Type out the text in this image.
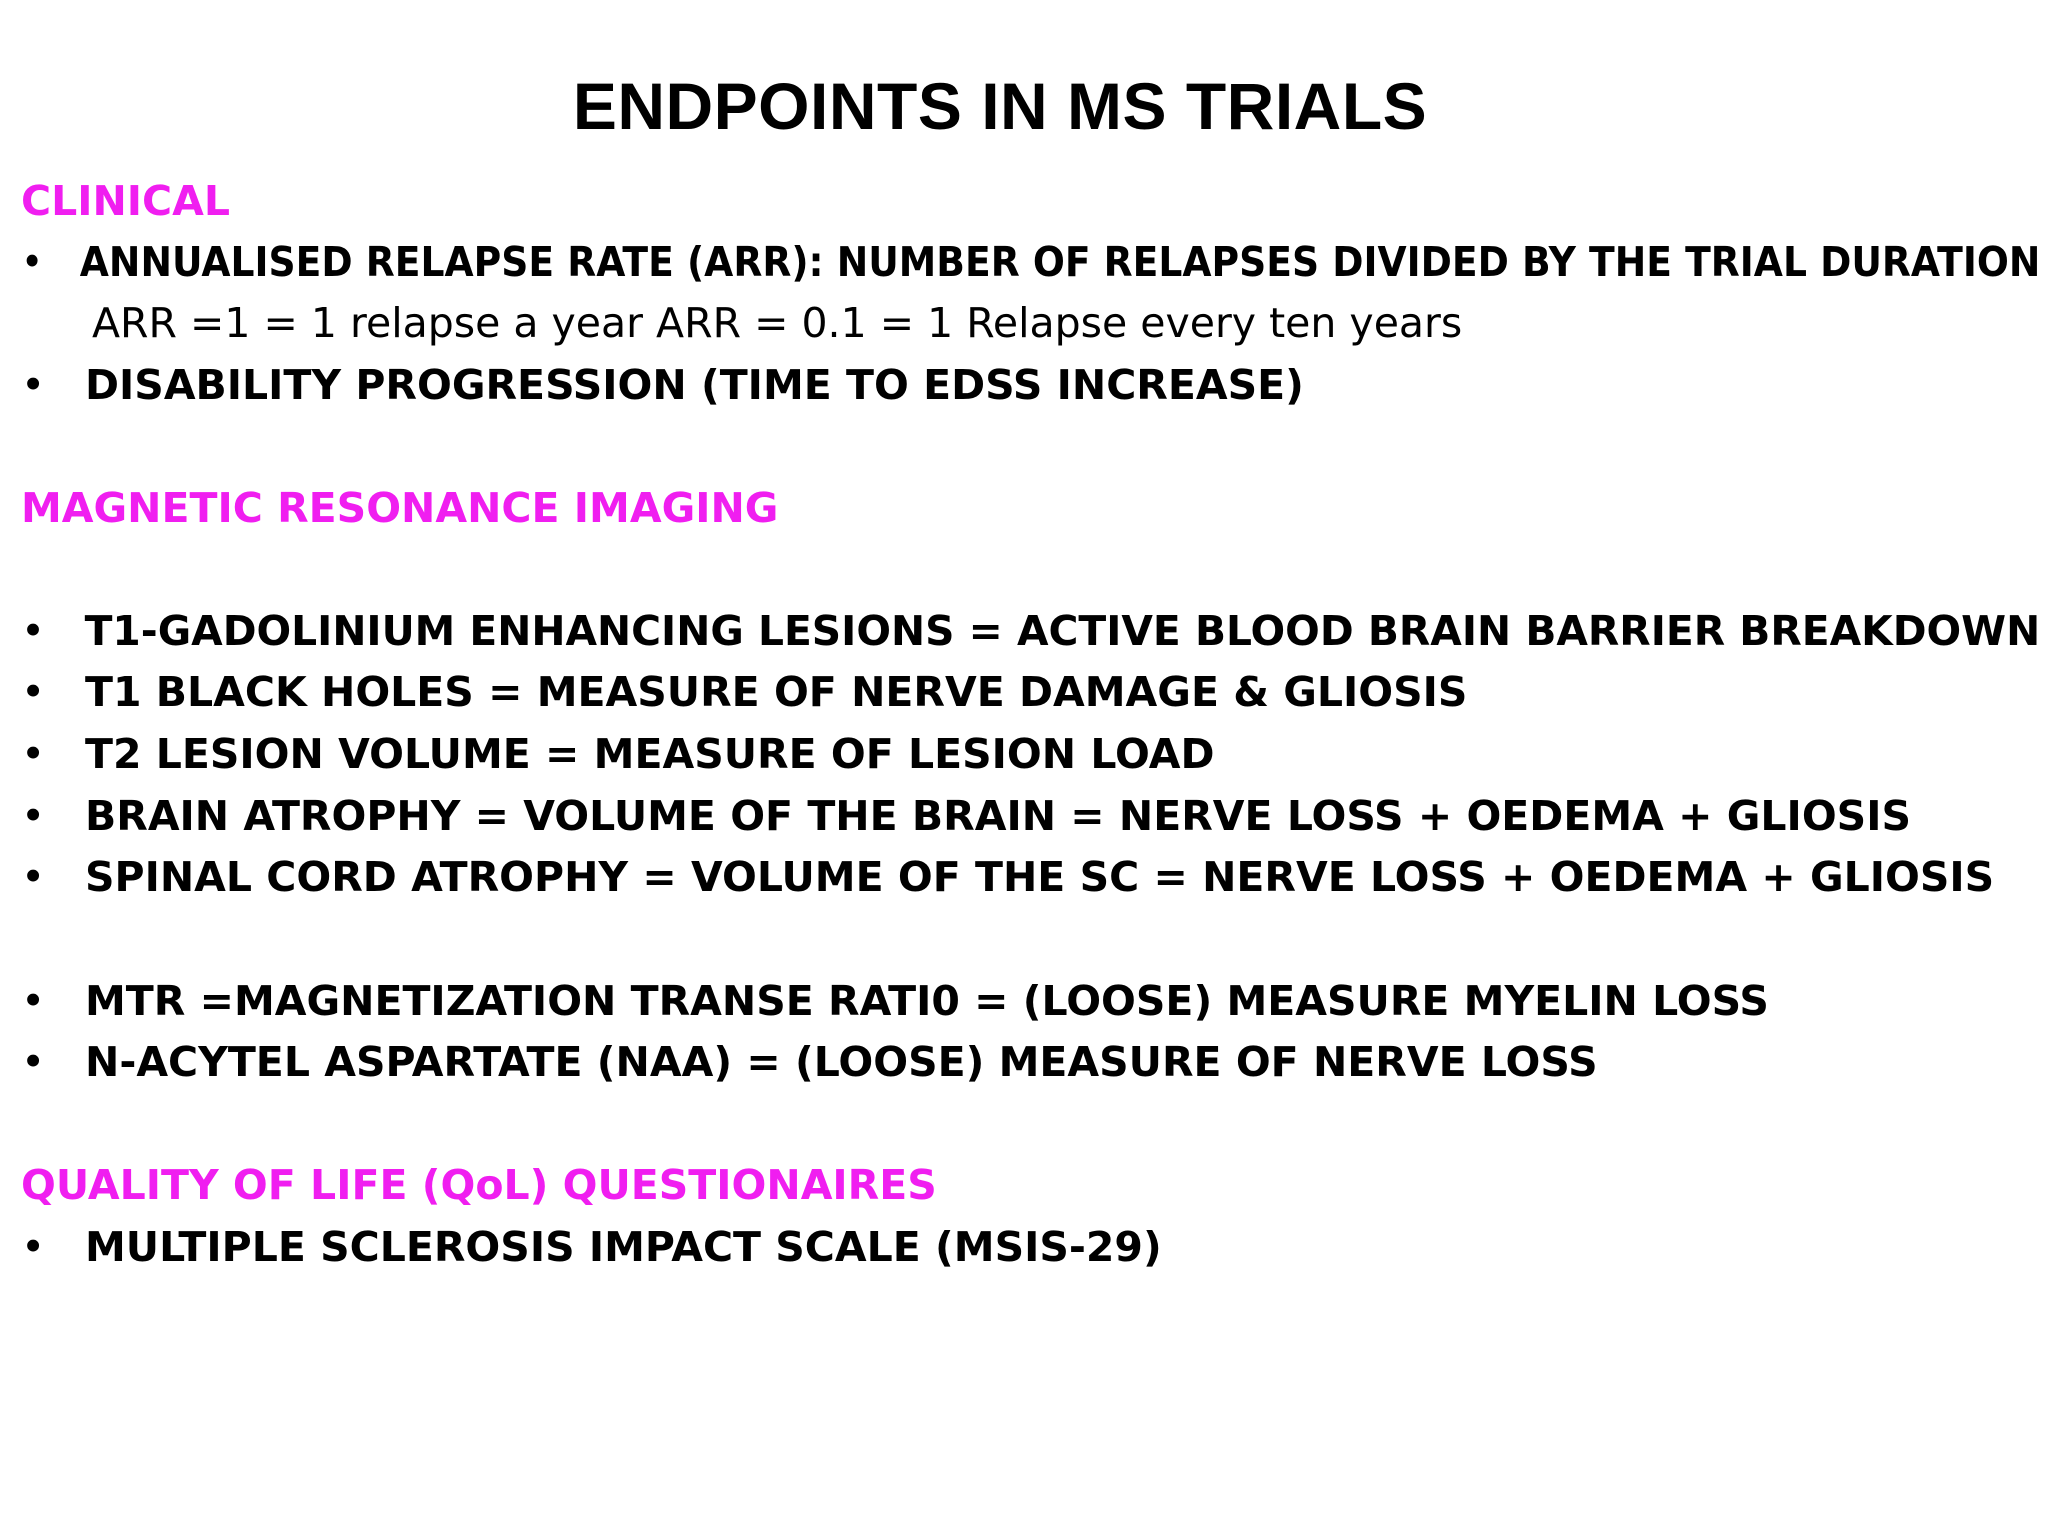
ENDPOINTS IN MS TRIALS
CLINICAL
• ANNUALISED RELAPSE RATE (ARR): NUMBER OF RELAPSES DIVIDED BY THE TRIAL DURATION
ARR =1 = 1 relapse a year ARR = 0.1 = 1 Relapse every ten years
• DISABILITY PROGRESSION (TIME TO EDSS INCREASE)
MAGNETIC RESONANCE IMAGING
• T1-GADOLINIUM ENHANCING LESIONS = ACTIVE BLOOD BRAIN BARRIER BREAKDOWN
• T1 BLACK HOLES = MEASURE OF NERVE DAMAGE & GLIOSIS
• T2 LESION VOLUME = MEASURE OF LESION LOAD
• BRAIN ATROPHY = VOLUME OF THE BRAIN = NERVE LOSS + OEDEMA + GLIOSIS
• SPINAL CORD ATROPHY = VOLUME OF THE SC = NERVE LOSS + OEDEMA + GLIOSIS
• MTR =MAGNETIZATION TRANSE RATI0 = (LOOSE) MEASURE MYELIN LOSS
• N-ACYTEL ASPARTATE (NAA) = (LOOSE) MEASURE OF NERVE LOSS
QUALITY OF LIFE (QoL) QUESTIONAIRES
• MULTIPLE SCLEROSIS IMPACT SCALE (MSIS-29)
